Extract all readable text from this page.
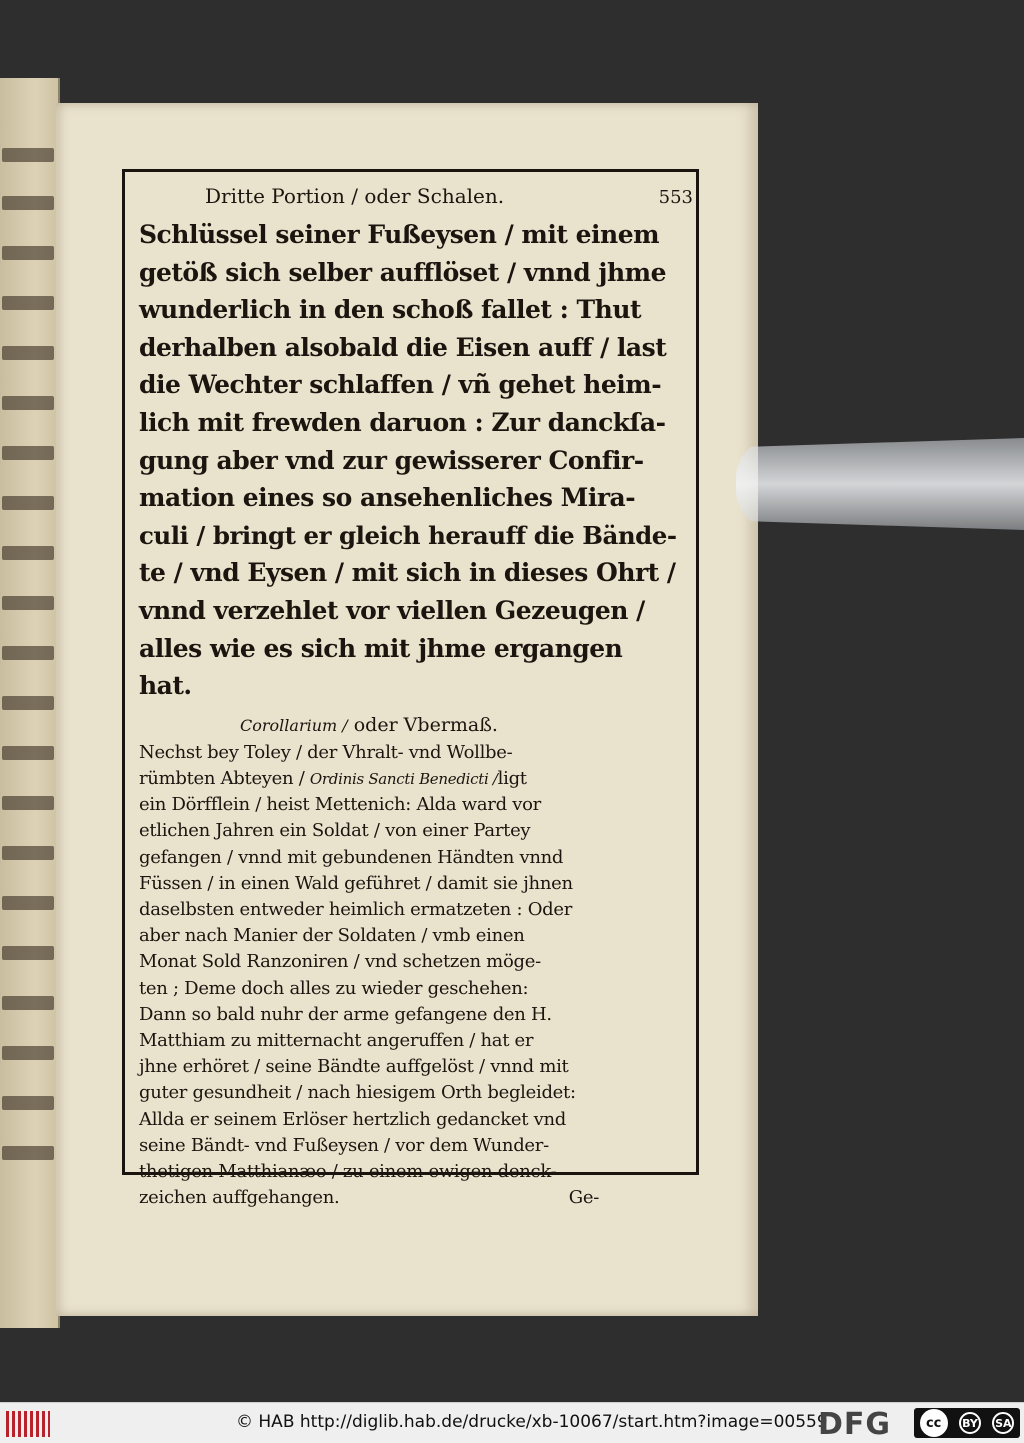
Dritte Portion / oder Schalen.	553
Schlüssel seiner Fußeysen / mit einem
getöß sich selber aufflöset / vnnd jhme
wunderlich in den schoß fallet : Thut
derhalben alsobald die Eisen auff / last
die Wechter schlaffen / vñ gehet heim-
lich mit frewden daruon : Zur danckſa-
gung aber vnd zur gewisserer Confir-
mation eines so ansehenliches Mira-
culi / bringt er gleich herauff die Bände-
te / vnd Eysen / mit sich in dieses Ohrt /
vnnd verzehlet vor viellen Gezeugen /
alles wie es sich mit jhme ergangen
hat.
Corollarium / oder Vbermaß.
Nechst bey Toley / der Vhralt- vnd Wollbe-
rümbten Abteyen / Ordinis Sancti Benedicti /ligt
ein Dörfflein / heist Mettenich: Alda ward vor
etlichen Jahren ein Soldat / von einer Partey
gefangen / vnnd mit gebundenen Händten vnnd
Füssen / in einen Wald geführet / damit sie jhnen
daselbsten entweder heimlich ermatzeten : Oder
aber nach Manier der Soldaten / vmb einen
Monat Sold Ranzoniren / vnd schetzen möge-
ten ; Deme doch alles zu wieder geschehen:
Dann so bald nuhr der arme gefangene den H.
Matthiam zu mitternacht angeruffen / hat er
jhne erhöret / seine Bändte auffgelöst / vnnd mit
guter gesundheit / nach hiesigem Orth begleidet:
Allda er seinem Erlöser hertzlich gedancket vnd
seine Bändt- vnd Fußeysen / vor dem Wunder-
thetigen Matthianæo / zu einem ewigen denck-
zeichen auffgehangen.	Ge-
© HAB http://diglib.hab.de/drucke/xb-10067/start.htm?image=00559
DFG	cc	BY SA
